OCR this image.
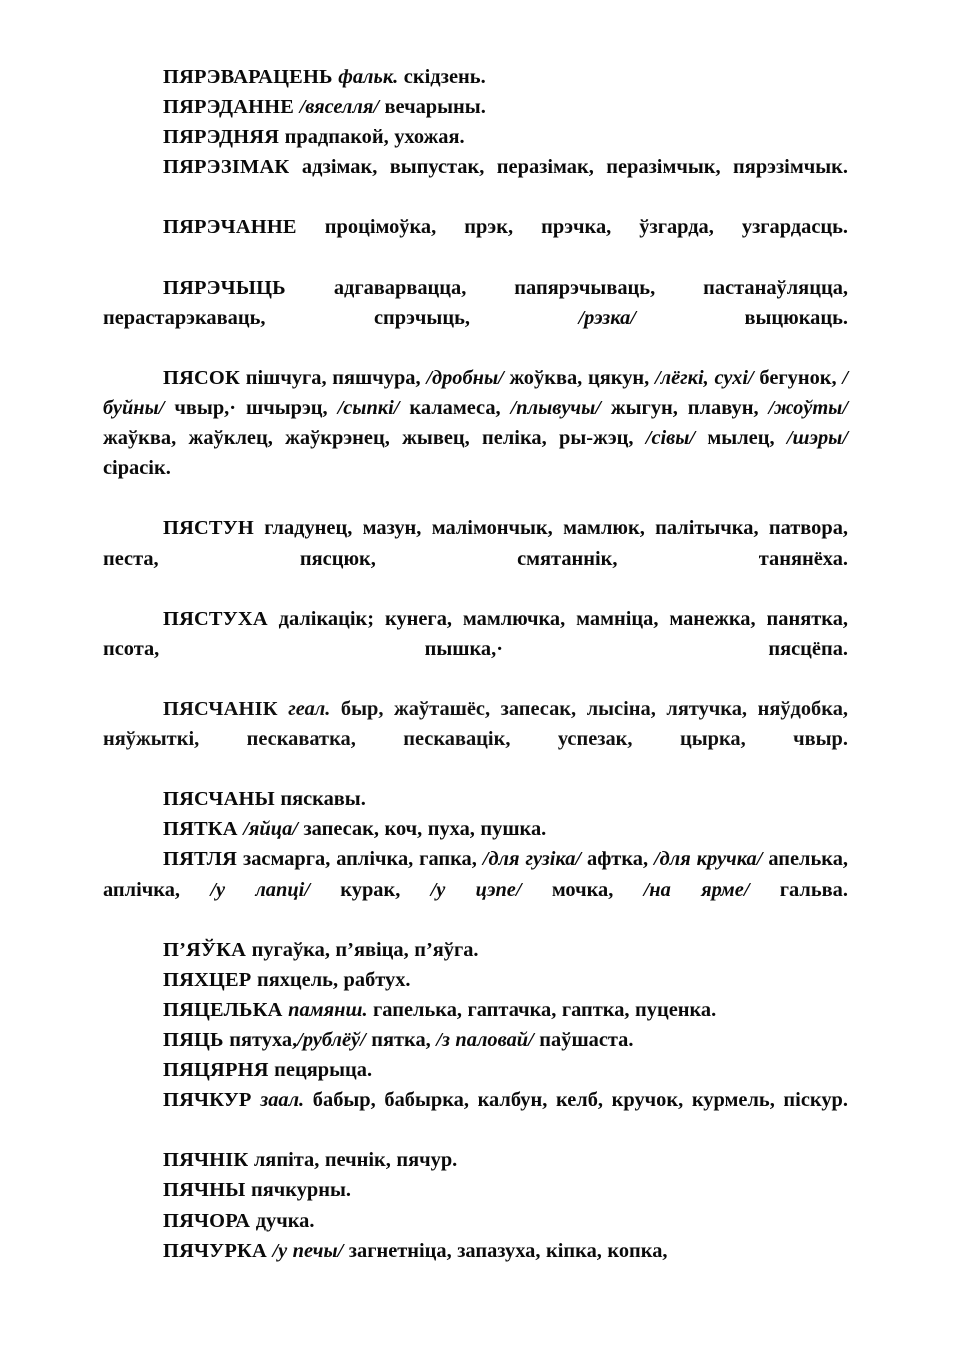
ПЯРЭВАРАЦЕНЬ фальк. скідзень.

ПЯРЭДАННЕ /вяселля/ вечарыны.

ПЯРЭДНЯЯ прадпакой, ухожая.

ПЯРЭЗІМАК адзімак, выпустак, перазімак, перазімчык, пярэзімчык.

ПЯРЭЧАННЕ процімоўка, прэк, прэчка, ўзгарда, узгардасць.

ПЯРЭЧЫЦЬ адгаварвацца, папярэчываць, пастанаўляцца, перастарэкаваць, спрэчыць, /рэзка/ выцюкаць.

ПЯСОК пішчуга, пяшчура, /дробны/ жоўква, цякун, /лёгкі, сухі/ бегунок, /буйны/ чвыр,· шчырэц, /сыпкі/ каламеса, /плывучы/ жыгун, плавун, /жоўты/ жаўква, жаўклец, жаўкрэнец, жывец, пеліка, ры-жэц, /сівы/ мылец, /шэры/ сірасік.

ПЯСТУН гладунец, мазун, малімончык, мамлюк, палітычка, патвора, песта, пясцюк, смятаннік, танянёха.

ПЯСТУХА далікацік; кунега, мамлючка, мамніца, манежка, панятка, псота, пышка,· пясцёпа.

ПЯСЧАНІК геал. быр, жаўташёс, запесак, лысіна, лятучка, няўдобка, няўжыткі, пескаватка, пескавацік, успезак, цырка, чвыр.

ПЯСЧАНЫ пяскавы.

ПЯТКА /яйца/ запесак, коч, пуха, пушка.

ПЯТЛЯ засмарга, аплічка, гапка, /для гузіка/ афтка, /для кручка/ апелька, аплічка, /у лапці/ курак, /у цэпе/ мочка, /на ярме/ гальва.

П’ЯЎКА пугаўка, п’явіца, п’яўга.

ПЯХЦЕР пяхцель, рабтух.

ПЯЦЕЛЬКА памянш. гапелька, гаптачка, гаптка, пуценка.

ПЯЦЬ пятуха,/рублёў/ пятка, /з паловай/ паўшаста.

ПЯЦЯРНЯ пецярыца.

ПЯЧКУР заал. бабыр, бабырка, калбун, келб, кручок, курмель, піскур.

ПЯЧНІК ляпіта, печнік, пячур.

ПЯЧНЫ пячкурны.

ПЯЧОРА дучка.

ПЯЧУРКА /у печы/ загнетніца, запазуха, кіпка, копка,
